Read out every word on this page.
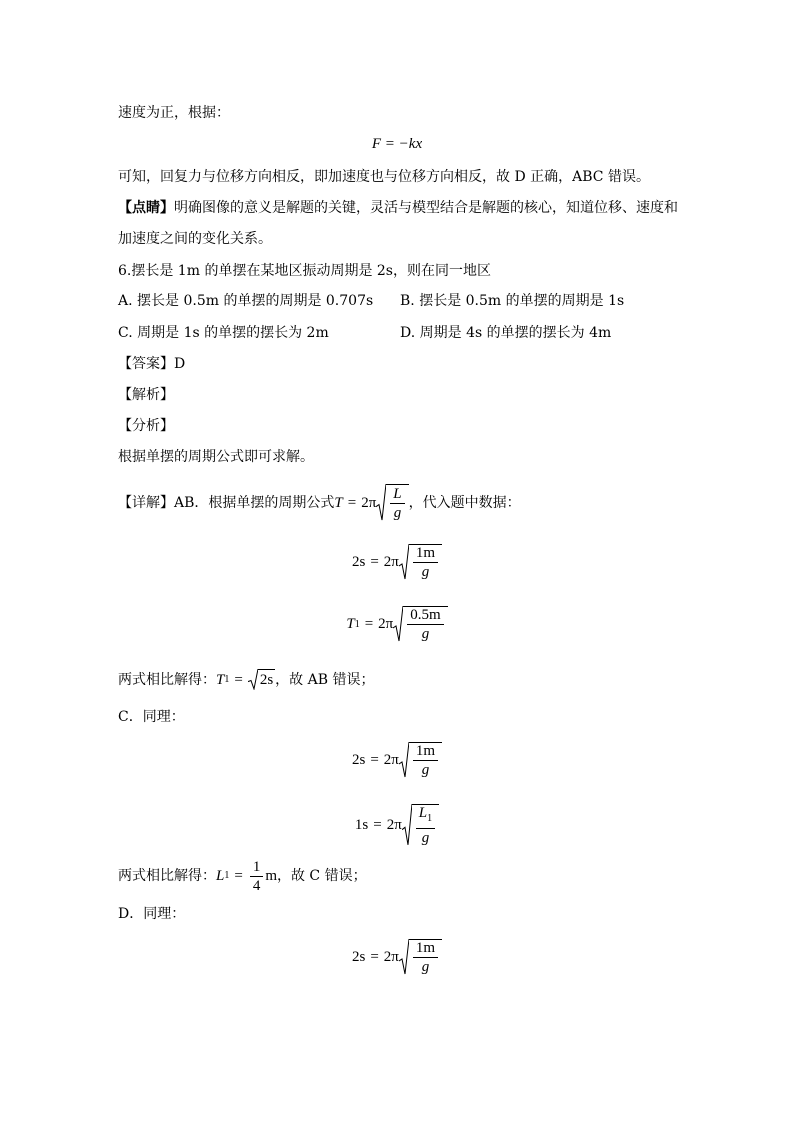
速度为正，根据：
F = −kx
可知，回复力与位移方向相反，即加速度也与位移方向相反，故 D 正确，ABC 错误。
【点睛】明确图像的意义是解题的关键，灵活与模型结合是解题的核心，知道位移、速度和
加速度之间的变化关系。
6.摆长是 1m 的单摆在某地区振动周期是 2s，则在同一地区
A. 摆长是 0.5m 的单摆的周期是 0.707s B. 摆长是 0.5m 的单摆的周期是 1s
C. 周期是 1s 的单摆的摆长为 2m	D. 周期是 4s 的单摆的摆长为 4m
【答案】D
【解析】
【分析】
根据单摆的周期公式即可求解。
【详解】 AB．根据单摆的周期公式 $T = 2\pi \frac{L}{g}$ ，代入题中数据：
$2s = 2\pi \frac{1m}{g}$
T $1 = 2\pi \frac{0.5m}{g}$
两式相比解得： T 1 = 2s ，故 AB 错误；
C．同理：
$2s = 2\pi \frac{1m}{g}$
$1s = 2\pi \frac{L_1}{g}$
两式相比解得： L $1 = \frac{1}{4}$ m ，故 C 错误；
D．同理：
$2s = 2\pi \frac{1m}{g}$
